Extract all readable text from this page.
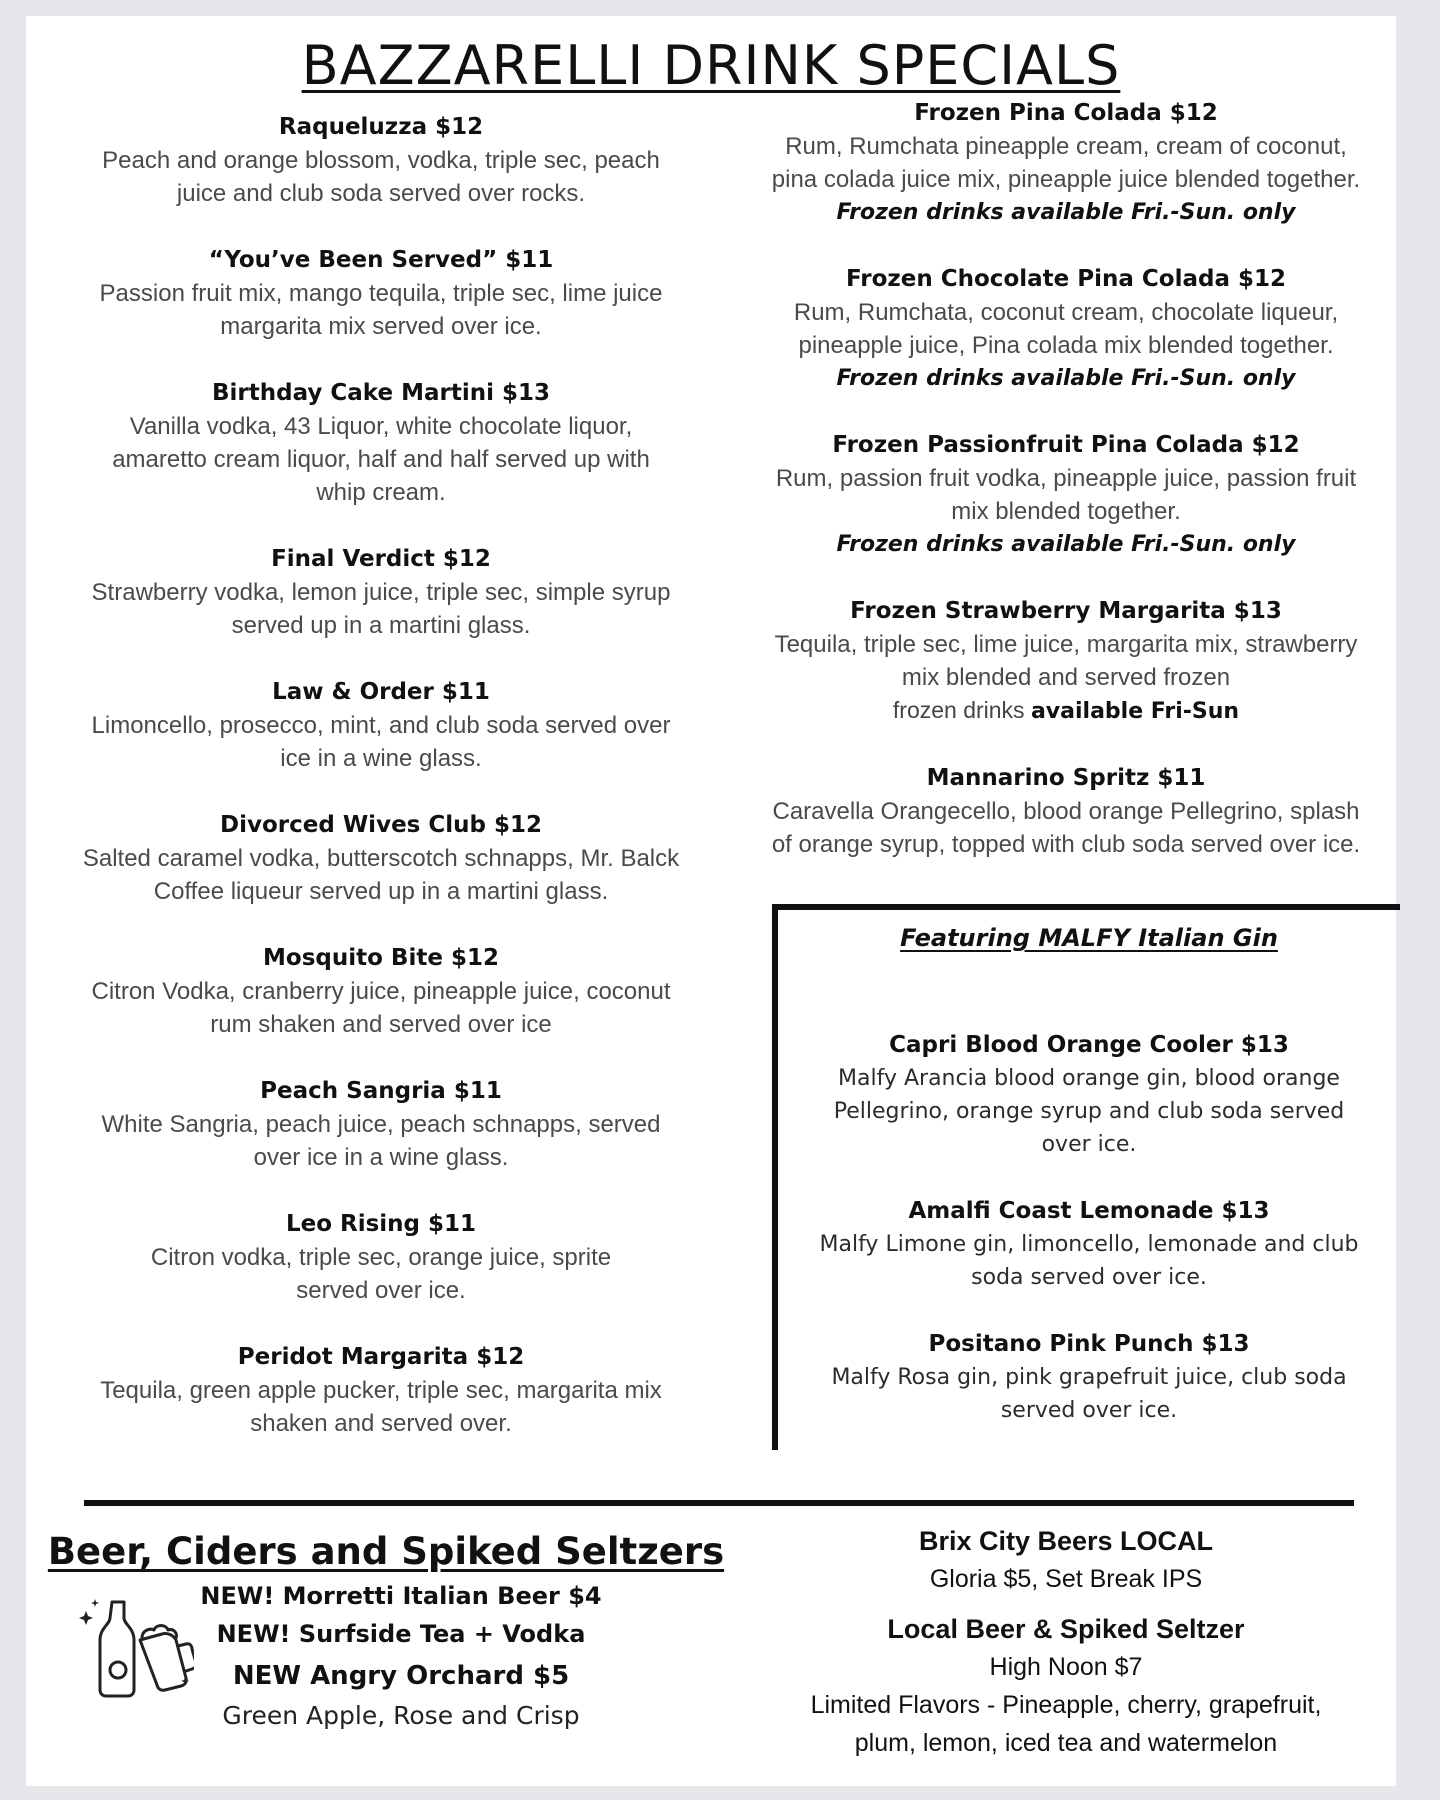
BAZZARELLI DRINK SPECIALS
Raqueluzza $12
Peach and orange blossom, vodka, triple sec, peach
juice and club soda served over rocks.
“You’ve Been Served” $11
Passion fruit mix, mango tequila, triple sec, lime juice
margarita mix served over ice.
Birthday Cake Martini $13
Vanilla vodka, 43 Liquor, white chocolate liquor,
amaretto cream liquor, half and half served up with
whip cream.
Final Verdict $12
Strawberry vodka, lemon juice, triple sec, simple syrup
served up in a martini glass.
Law & Order $11
Limoncello, prosecco, mint, and club soda served over
ice in a wine glass.
Divorced Wives Club $12
Salted caramel vodka, butterscotch schnapps, Mr. Balck
Coffee liqueur served up in a martini glass.
Mosquito Bite $12
Citron Vodka, cranberry juice, pineapple juice, coconut
rum shaken and served over ice
Peach Sangria $11
White Sangria, peach juice, peach schnapps, served
over ice in a wine glass.
Leo Rising $11
Citron vodka, triple sec, orange juice, sprite
served over ice.
Peridot Margarita $12
Tequila, green apple pucker, triple sec, margarita mix
shaken and served over.
Frozen Pina Colada $12
Rum, Rumchata pineapple cream, cream of coconut,
pina colada juice mix, pineapple juice blended together.
Frozen drinks available Fri.-Sun. only
Frozen Chocolate Pina Colada $12
Rum, Rumchata, coconut cream, chocolate liqueur,
pineapple juice, Pina colada mix blended together.
Frozen drinks available Fri.-Sun. only
Frozen Passionfruit Pina Colada $12
Rum, passion fruit vodka, pineapple juice, passion fruit
mix blended together.
Frozen drinks available Fri.-Sun. only
Frozen Strawberry Margarita $13
Tequila, triple sec, lime juice, margarita mix, strawberry
mix blended and served frozen
frozen drinks available Fri-Sun
Mannarino Spritz $11
Caravella Orangecello, blood orange Pellegrino, splash
of orange syrup, topped with club soda served over ice.
Featuring MALFY Italian Gin
Capri Blood Orange Cooler $13
Malfy Arancia blood orange gin, blood orange
Pellegrino, orange syrup and club soda served
over ice.
Amalfi Coast Lemonade $13
Malfy Limone gin, limoncello, lemonade and club
soda served over ice.
Positano Pink Punch $13
Malfy Rosa gin, pink grapefruit juice, club soda
served over ice.
Beer, Ciders and Spiked Seltzers
NEW! Morretti Italian Beer $4
NEW! Surfside Tea + Vodka
NEW Angry Orchard $5
Green Apple, Rose and Crisp
Brix City Beers LOCAL
Gloria $5, Set Break IPS
Local Beer & Spiked Seltzer
High Noon $7
Limited Flavors - Pineapple, cherry, grapefruit,
plum, lemon, iced tea and watermelon
